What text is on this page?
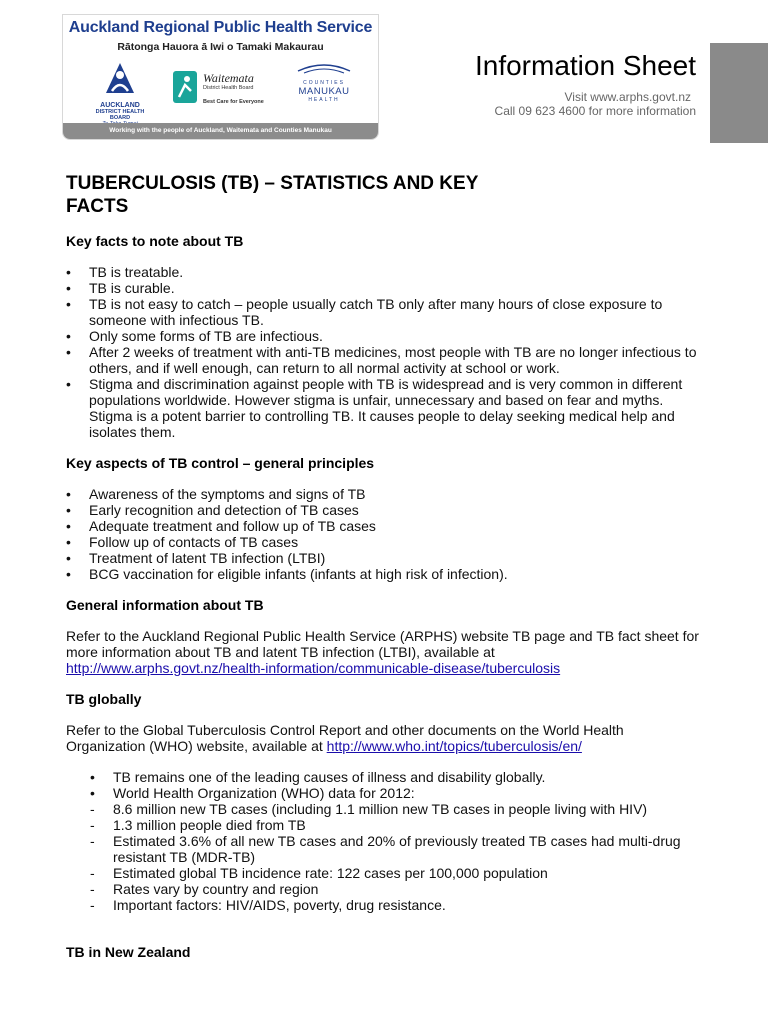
Auckland Regional Public Health Service
Rātonga Hauora ā Iwi o Tamaki Makaurau
AUCKLAND
DISTRICT HEALTH BOARD
Waitemata
District Health Board
Best Care for Everyone
COUNTIES
MANUKAU
HEALTH
Working with the people of Auckland, Waitemata and Counties Manukau
Information Sheet
Visit www.arphs.govt.nz
Call 09 623 4600 for more information
TUBERCULOSIS (TB) – STATISTICS AND KEY FACTS
Key facts to note about TB
• TB is treatable.
• TB is curable.
• TB is not easy to catch – people usually catch TB only after many hours of close exposure to someone with infectious TB.
• Only some forms of TB are infectious.
• After 2 weeks of treatment with anti-TB medicines, most people with TB are no longer infectious to others, and if well enough, can return to all normal activity at school or work.
• Stigma and discrimination against people with TB is widespread and is very common in different populations worldwide. However stigma is unfair, unnecessary and based on fear and myths. Stigma is a potent barrier to controlling TB. It causes people to delay seeking medical help and isolates them.
Key aspects of TB control – general principles
• Awareness of the symptoms and signs of TB
• Early recognition and detection of TB cases
• Adequate treatment and follow up of TB cases
• Follow up of contacts of TB cases
• Treatment of latent TB infection (LTBI)
• BCG vaccination for eligible infants (infants at high risk of infection).
General information about TB

Refer to the Auckland Regional Public Health Service (ARPHS) website TB page and TB fact sheet for more information about TB and latent TB infection (LTBI), available at

http://www.arphs.govt.nz/health-information/communicable-disease/tuberculosis

TB globally

Refer to the Global Tuberculosis Control Report and other documents on the World Health Organization (WHO) website, available at http://www.who.int/topics/tuberculosis/en/

• TB remains one of the leading causes of illness and disability globally.
• World Health Organization (WHO) data for 2012:
- 8.6 million new TB cases (including 1.1 million new TB cases in people living with HIV)
- 1.3 million people died from TB
- Estimated 3.6% of all new TB cases and 20% of previously treated TB cases had multi-drug resistant TB (MDR-TB)
- Estimated global TB incidence rate: 122 cases per 100,000 population
- Rates vary by country and region
- Important factors: HIV/AIDS, poverty, drug resistance.
TB in New Zealand
